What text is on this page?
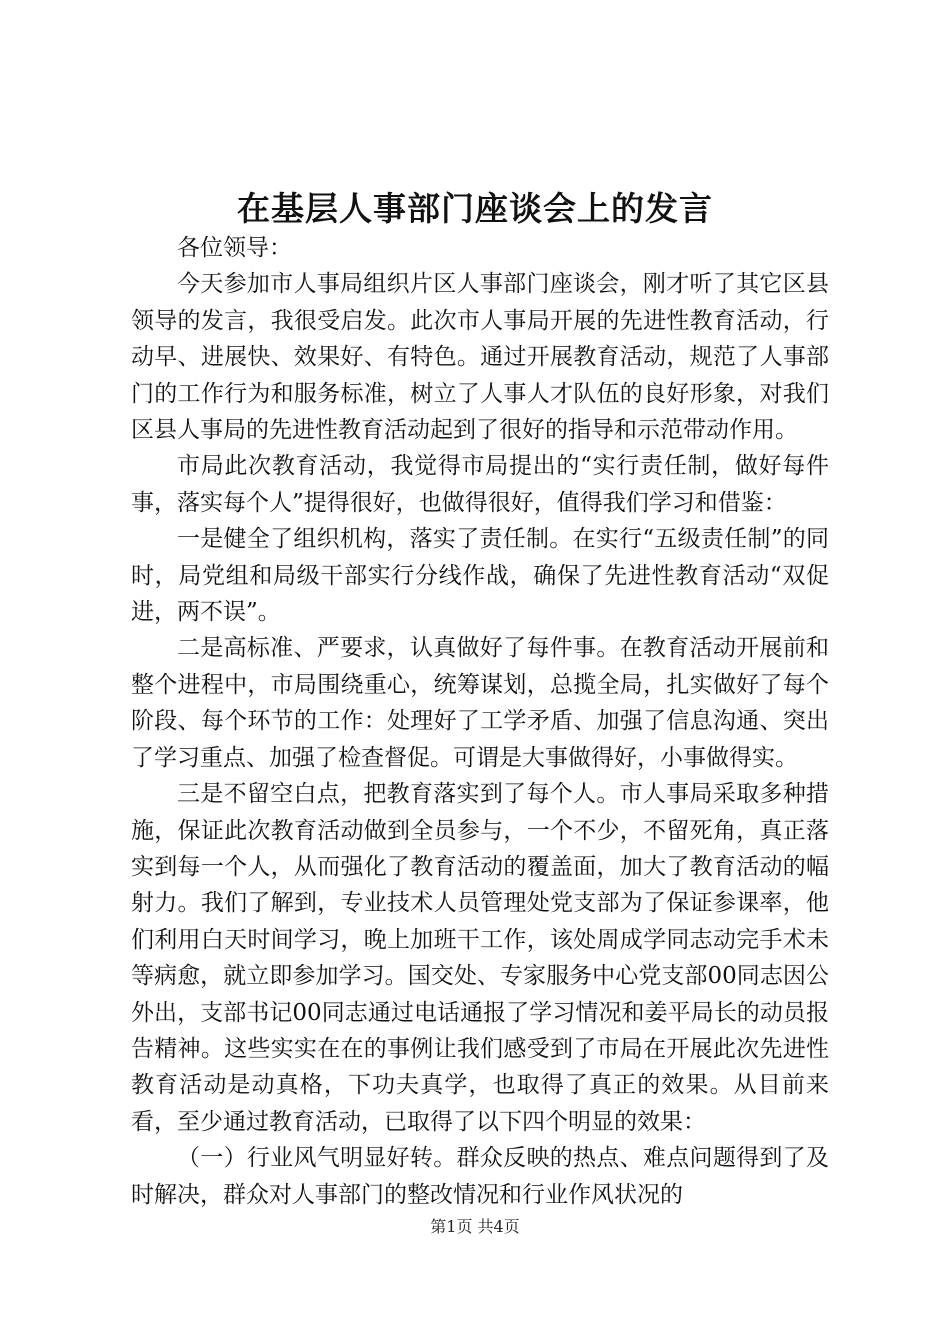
在基层人事部门座谈会上的发言

各位领导：

今天参加市人事局组织片区人事部门座谈会，刚才听了其它区县领导的发言，我很受启发。此次市人事局开展的先进性教育活动，行动早、进展快、效果好、有特色。通过开展教育活动，规范了人事部门的工作行为和服务标准，树立了人事人才队伍的良好形象，对我们区县人事局的先进性教育活动起到了很好的指导和示范带动作用。

市局此次教育活动，我觉得市局提出的“实行责任制，做好每件事，落实每个人”提得很好，也做得很好，值得我们学习和借鉴：

一是健全了组织机构，落实了责任制。在实行“五级责任制”的同时，局党组和局级干部实行分线作战，确保了先进性教育活动“双促进，两不误”。

二是高标准、严要求，认真做好了每件事。在教育活动开展前和整个进程中，市局围绕重心，统筹谋划，总揽全局，扎实做好了每个阶段、每个环节的工作：处理好了工学矛盾、加强了信息沟通、突出了学习重点、加强了检查督促。可谓是大事做得好，小事做得实。

三是不留空白点，把教育落实到了每个人。市人事局采取多种措施，保证此次教育活动做到全员参与，一个不少，不留死角，真正落实到每一个人，从而强化了教育活动的覆盖面，加大了教育活动的幅射力。我们了解到，专业技术人员管理处党支部为了保证参课率，他们利用白天时间学习，晚上加班干工作，该处周成学同志动完手术未等病愈，就立即参加学习。国交处、专家服务中心党支部00同志因公外出，支部书记00同志通过电话通报了学习情况和姜平局长的动员报告精神。这些实实在在的事例让我们感受到了市局在开展此次先进性教育活动是动真格，下功夫真学，也取得了真正的效果。从目前来看，至少通过教育活动，已取得了以下四个明显的效果：

（一）行业风气明显好转。群众反映的热点、难点问题得到了及时解决，群众对人事部门的整改情况和行业作风状况的

第1页 共4页
